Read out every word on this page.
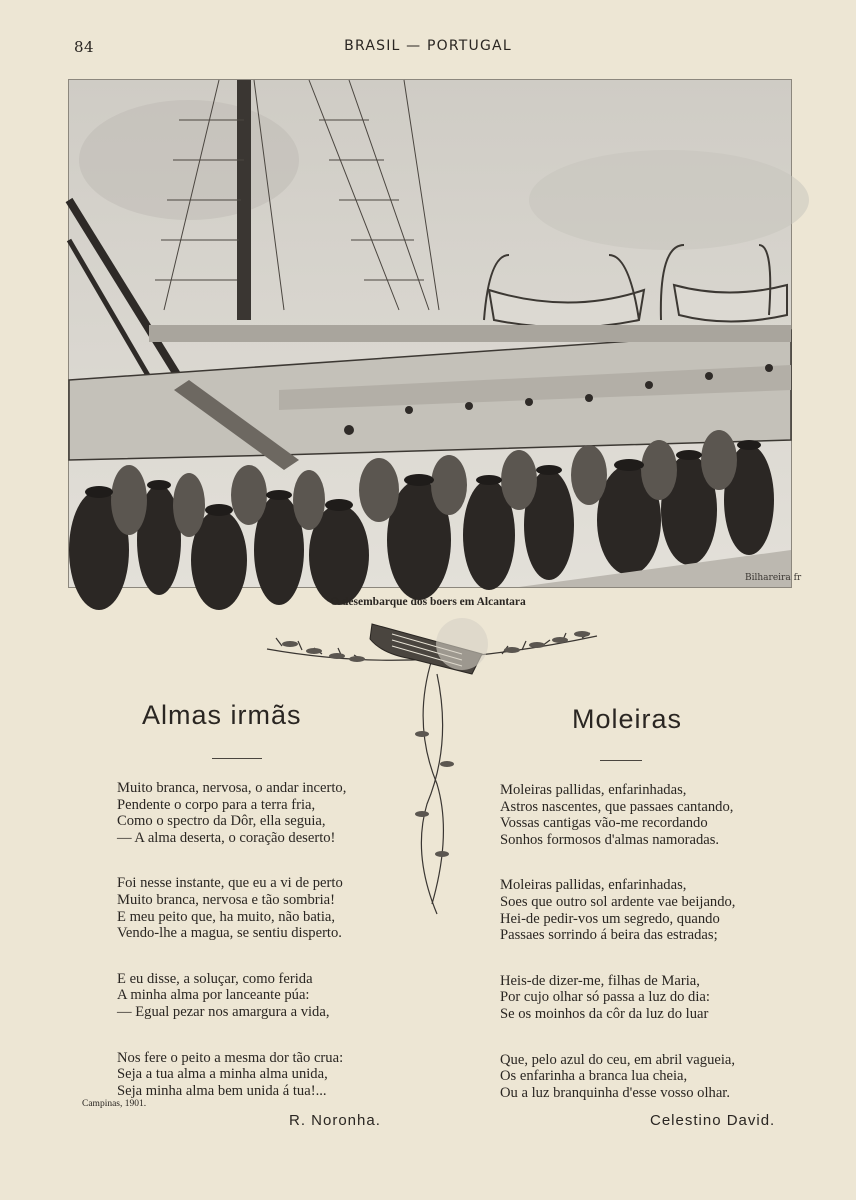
84	BRASIL — PORTUGAL
Bilhareira fr
O desembarque dos boers em Alcantara
Almas irmãs	Moleiras

Muito branca, nervosa, o andar incerto,
Pendente o corpo para a terra fria,
Como o spectro da Dôr, ella seguia,
— A alma deserta, o coração deserto!

Foi nesse instante, que eu a vi de perto
Muito branca, nervosa e tão sombria!
E meu peito que, ha muito, não batia,
Vendo-lhe a magua, se sentiu disperto.

E eu disse, a soluçar, como ferida
A minha alma por lanceante púa:
— Egual pezar nos amargura a vida,

Nos fere o peito a mesma dor tão crua:
Seja a tua alma a minha alma unida,
Seja minha alma bem unida á tua!...

Moleiras pallidas, enfarinhadas,
Astros nascentes, que passaes cantando,
Vossas cantigas vão-me recordando
Sonhos formosos d'almas namoradas.

Moleiras pallidas, enfarinhadas,
Soes que outro sol ardente vae beijando,
Hei-de pedir-vos um segredo, quando
Passaes sorrindo á beira das estradas;

Heis-de dizer-me, filhas de Maria,
Por cujo olhar só passa a luz do dia:
Se os moinhos da côr da luz do luar

Que, pelo azul do ceu, em abril vagueia,
Os enfarinha a branca lua cheia,
Ou a luz branquinha d'esse vosso olhar.

Campinas, 1901.
R. Noronha.	Celestino David.
